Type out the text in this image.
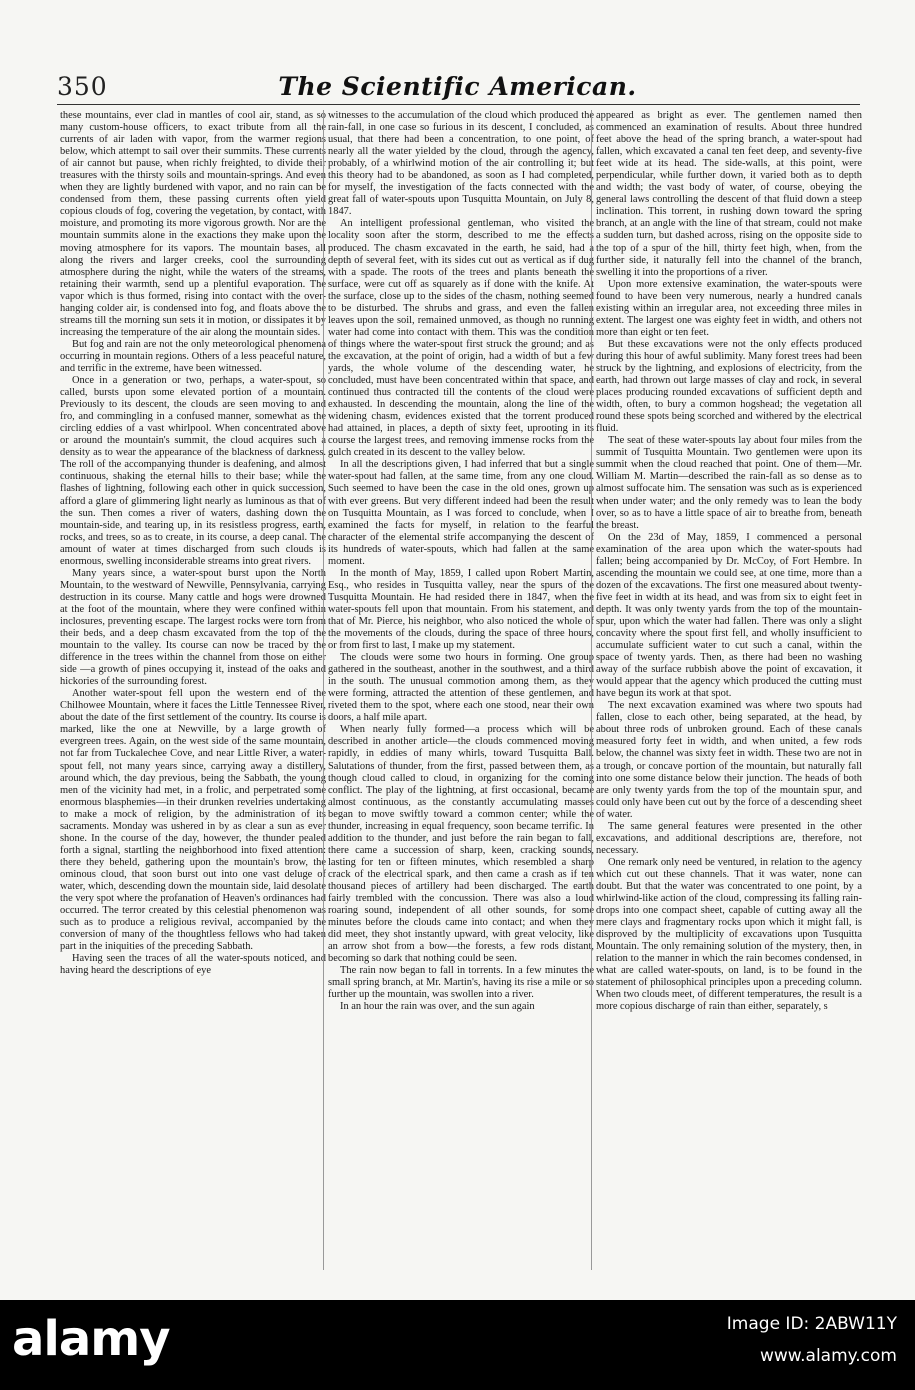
350	The Scientific American.

these mountains, ever clad in mantles of cool air, stand, as so many custom-house officers, to exact tribute from all the currents of air laden with vapor, from the warmer regions below, which attempt to sail over their summits. These currents of air cannot but pause, when richly freighted, to divide their treasures with the thirsty soils and mountain-springs. And even when they are lightly burdened with vapor, and no rain can be condensed from them, these passing currents often yield copious clouds of fog, covering the vegetation, by contact, with moisture, and promoting its more vigorous growth. Nor are the mountain summits alone in the exactions they make upon the moving atmosphere for its vapors. The mountain bases, all along the rivers and larger creeks, cool the surrounding atmosphere during the night, while the waters of the streams, retaining their warmth, send up a plentiful evaporation. The vapor which is thus formed, rising into contact with the over-hanging colder air, is condensed into fog, and floats above the streams till the morning sun sets it in motion, or dissipates it by increasing the temperature of the air along the mountain sides.

But fog and rain are not the only meteorological phenomena occurring in mountain regions. Others of a less peaceful nature, and terrific in the extreme, have been witnessed.

Once in a generation or two, perhaps, a water-spout, so called, bursts upon some elevated portion of a mountain. Previously to its descent, the clouds are seen moving to and fro, and commingling in a confused manner, somewhat as the circling eddies of a vast whirlpool. When concentrated above or around the mountain's summit, the cloud acquires such a density as to wear the appearance of the blackness of darkness. The roll of the accompanying thunder is deafening, and almost continuous, shaking the eternal hills to their base; while the flashes of lightning, following each other in quick succession, afford a glare of glimmering light nearly as luminous as that of the sun. Then comes a river of waters, dashing down the mountain-side, and tearing up, in its resistless progress, earth, rocks, and trees, so as to create, in its course, a deep canal. The amount of water at times discharged from such clouds is enormous, swelling inconsiderable streams into great rivers.

Many years since, a water-spout burst upon the North Mountain, to the westward of Newville, Pennsylvania, carrying destruction in its course. Many cattle and hogs were drowned at the foot of the mountain, where they were confined within inclosures, preventing escape. The largest rocks were torn from their beds, and a deep chasm excavated from the top of the mountain to the valley. Its course can now be traced by the difference in the trees within the channel from those on either side —a growth of pines occupying it, instead of the oaks and hickories of the surrounding forest.

Another water-spout fell upon the western end of the Chilhowee Mountain, where it faces the Little Tennessee River, about the date of the first settlement of the country. Its course is marked, like the one at Newville, by a large growth of evergreen trees. Again, on the west side of the same mountain, not far from Tuckalechee Cove, and near Little River, a water-spout fell, not many years since, carrying away a distillery, around which, the day previous, being the Sabbath, the young men of the vicinity had met, in a frolic, and perpetrated some enormous blasphemies—in their drunken revelries undertaking to make a mock of religion, by the administration of its sacraments. Monday was ushered in by as clear a sun as ever shone. In the course of the day, however, the thunder pealed forth a signal, startling the neighborhood into fixed attention: there they beheld, gathering upon the mountain's brow, the ominous cloud, that soon burst out into one vast deluge of water, which, descending down the mountain side, laid desolate the very spot where the profanation of Heaven's ordinances had occurred. The terror created by this celestial phenomenon was such as to produce a religious revival, accompanied by the conversion of many of the thoughtless fellows who had taken part in the iniquities of the preceding Sabbath.

Having seen the traces of all the water-spouts noticed, and having heard the descriptions of eye

witnesses to the accumulation of the cloud which produced the rain-fall, in one case so furious in its descent, I concluded, as usual, that there had been a concentration, to one point, of nearly all the water yielded by the cloud, through the agency, probably, of a whirlwind motion of the air controlling it; but this theory had to be abandoned, as soon as I had completed, for myself, the investigation of the facts connected with the great fall of water-spouts upon Tusquitta Mountain, on July 8, 1847.

An intelligent professional gentleman, who visited the locality soon after the storm, described to me the effects produced. The chasm excavated in the earth, he said, had a depth of several feet, with its sides cut out as vertical as if dug with a spade. The roots of the trees and plants beneath the surface, were cut off as squarely as if done with the knife. At the surface, close up to the sides of the chasm, nothing seemed to be disturbed. The shrubs and grass, and even the fallen leaves upon the soil, remained unmoved, as though no running water had come into contact with them. This was the condition of things where the water-spout first struck the ground; and as the excavation, at the point of origin, had a width of but a few yards, the whole volume of the descending water, he concluded, must have been concentrated within that space, and continued thus contracted till the contents of the cloud were exhausted. In descending the mountain, along the line of the widening chasm, evidences existed that the torrent produced had attained, in places, a depth of sixty feet, uprooting in its course the largest trees, and removing immense rocks from the gulch created in its descent to the valley below.

In all the descriptions given, I had inferred that but a single water-spout had fallen, at the same time, from any one cloud. Such seemed to have been the case in the old ones, grown up with ever greens. But very different indeed had been the result on Tusquitta Mountain, as I was forced to conclude, when I examined the facts for myself, in relation to the fearful character of the elemental strife accompanying the descent of its hundreds of water-spouts, which had fallen at the same moment.

In the month of May, 1859, I called upon Robert Martin, Esq., who resides in Tusquitta valley, near the spurs of the Tusquitta Mountain. He had resided there in 1847, when the water-spouts fell upon that mountain. From his statement, and that of Mr. Pierce, his neighbor, who also noticed the whole of the movements of the clouds, during the space of three hours, or from first to last, I make up my statement.

The clouds were some two hours in forming. One group gathered in the southeast, another in the southwest, and a third in the south. The unusual commotion among them, as they were forming, attracted the attention of these gentlemen, and riveted them to the spot, where each one stood, near their own doors, a half mile apart.

When nearly fully formed—a process which will be described in another article—the clouds commenced moving rapidly, in eddies of many whirls, toward Tusquitta Ball. Salutations of thunder, from the first, passed between them, as though cloud called to cloud, in organizing for the coming conflict. The play of the lightning, at first occasional, became almost continuous, as the constantly accumulating masses began to move swiftly toward a common center; while the thunder, increasing in equal frequency, soon became terrific. In addition to the thunder, and just before the rain began to fall, there came a succession of sharp, keen, cracking sounds, lasting for ten or fifteen minutes, which resembled a sharp crack of the electrical spark, and then came a crash as if ten thousand pieces of artillery had been discharged. The earth fairly trembled with the concussion. There was also a loud roaring sound, independent of all other sounds, for some minutes before the clouds came into contact; and when they did meet, they shot instantly upward, with great velocity, like an arrow shot from a bow—the forests, a few rods distant, becoming so dark that nothing could be seen.

The rain now began to fall in torrents. In a few minutes the small spring branch, at Mr. Martin's, having its rise a mile or so further up the mountain, was swollen into a river.

In an hour the rain was over, and the sun again

appeared as bright as ever. The gentlemen named then commenced an examination of results. About three hundred feet above the head of the spring branch, a water-spout had fallen, which excavated a canal ten feet deep, and seventy-five feet wide at its head. The side-walls, at this point, were perpendicular, while further down, it varied both as to depth and width; the vast body of water, of course, obeying the general laws controlling the descent of that fluid down a steep inclination. This torrent, in rushing down toward the spring branch, at an angle with the line of that stream, could not make a sudden turn, but dashed across, rising on the opposite side to the top of a spur of the hill, thirty feet high, when, from the further side, it naturally fell into the channel of the branch, swelling it into the proportions of a river.

Upon more extensive examination, the water-spouts were found to have been very numerous, nearly a hundred canals existing within an irregular area, not exceeding three miles in extent. The largest one was eighty feet in width, and others not more than eight or ten feet.

But these excavations were not the only effects produced during this hour of awful sublimity. Many forest trees had been struck by the lightning, and explosions of electricity, from the earth, had thrown out large masses of clay and rock, in several places producing rounded excavations of sufficient depth and width, often, to bury a common hogshead; the vegetation all round these spots being scorched and withered by the electrical fluid.

The seat of these water-spouts lay about four miles from the summit of Tusquitta Mountain. Two gentlemen were upon its summit when the cloud reached that point. One of them—Mr. William M. Martin—described the rain-fall as so dense as to almost suffocate him. The sensation was such as is experienced when under water; and the only remedy was to lean the body over, so as to have a little space of air to breathe from, beneath the breast.

On the 23d of May, 1859, I commenced a personal examination of the area upon which the water-spouts had fallen; being accompanied by Dr. McCoy, of Fort Hembre. In ascending the mountain we could see, at one time, more than a dozen of the excavations. The first one measured about twenty-five feet in width at its head, and was from six to eight feet in depth. It was only twenty yards from the top of the mountain-spur, upon which the water had fallen. There was only a slight concavity where the spout first fell, and wholly insufficient to accumulate sufficient water to cut such a canal, within the space of twenty yards. Then, as there had been no washing away of the surface rubbish above the point of excavation, it would appear that the agency which produced the cutting must have begun its work at that spot.

The next excavation examined was where two spouts had fallen, close to each other, being separated, at the head, by about three rods of unbroken ground. Each of these canals measured forty feet in width, and when united, a few rods below, the channel was sixty feet in width. These two are not in a trough, or concave portion of the mountain, but naturally fall into one some distance below their junction. The heads of both are only twenty yards from the top of the mountain spur, and could only have been cut out by the force of a descending sheet of water.

The same general features were presented in the other excavations, and additional descriptions are, therefore, not necessary.

One remark only need be ventured, in relation to the agency which cut out these channels. That it was water, none can doubt. But that the water was concentrated to one point, by a whirlwind-like action of the cloud, compressing its falling rain-drops into one compact sheet, capable of cutting away all the mere clays and fragmentary rocks upon which it might fall, is disproved by the multiplicity of excavations upon Tusquitta Mountain. The only remaining solution of the mystery, then, in relation to the manner in which the rain becomes condensed, in what are called water-spouts, on land, is to be found in the statement of philosophical principles upon a preceding column. When two clouds meet, of different temperatures, the result is a more copious discharge of rain than either, separately, s

alamy	Image ID: 2ABW11Y
www.alamy.com
